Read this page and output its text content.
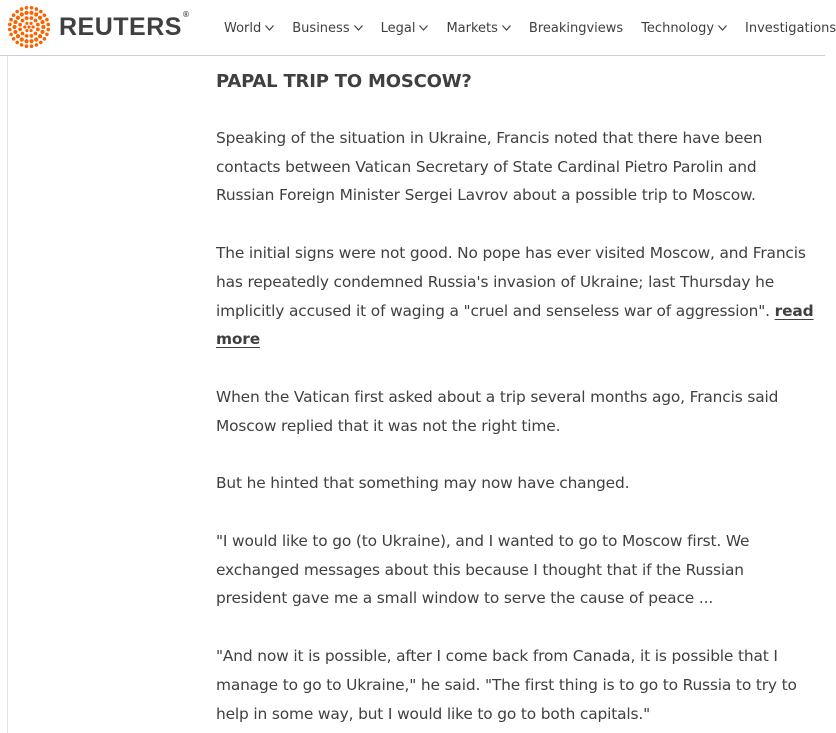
REUTERS®
World Business Legal Markets Breakingviews Technology Investigations
PAPAL TRIP TO MOSCOW?

Speaking of the situation in Ukraine, Francis noted that there have been contacts between Vatican Secretary of State Cardinal Pietro Parolin and Russian Foreign Minister Sergei Lavrov about a possible trip to Moscow.

The initial signs were not good. No pope has ever visited Moscow, and Francis has repeatedly condemned Russia's invasion of Ukraine; last Thursday he implicitly accused it of waging a "cruel and senseless war of aggression". read more

When the Vatican first asked about a trip several months ago, Francis said Moscow replied that it was not the right time.

But he hinted that something may now have changed.

"I would like to go (to Ukraine), and I wanted to go to Moscow first. We exchanged messages about this because I thought that if the Russian president gave me a small window to serve the cause of peace ...

"And now it is possible, after I come back from Canada, it is possible that I manage to go to Ukraine," he said. "The first thing is to go to Russia to try to help in some way, but I would like to go to both capitals."
